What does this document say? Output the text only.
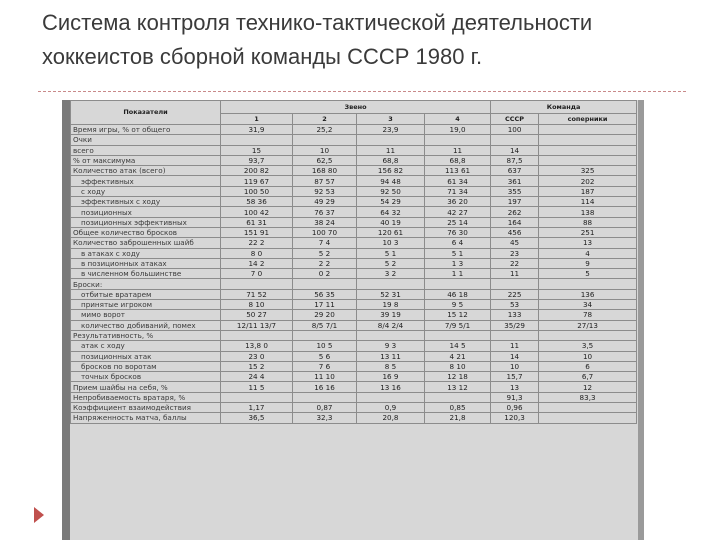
Система контроля технико-тактической деятельности хоккеистов сборной команды СССР 1980 г.
Показатели	Звено				Команда	
	1	2	3	4	СССР	соперники
Время игры, % от общего	31,9	25,2	23,9	19,0	100	
Очки						
всего	15	10	11	11	14	
% от максимума	93,7	62,5	68,8	68,8	87,5	
Количество атак (всего)	200 82	168 80	156 82	113 61	637	325
эффективных	119 67	87 57	94 48	61 34	361	202
с ходу	100 50	92 53	92 50	71 34	355	187
эффективных с ходу	58 36	49 29	54 29	36 20	197	114
позиционных	100 42	76 37	64 32	42 27	262	138
позиционных эффективных	61 31	38 24	40 19	25 14	164	88
Общее количество бросков	151 91	100 70	120 61	76 30	456	251
Количество заброшенных шайб	22 2	7 4	10 3	6 4	45	13
в атаках с ходу	8 0	5 2	5 1	5 1	23	4
в позиционных атаках	14 2	2 2	5 2	1 3	22	9
в численном большинстве	7 0	0 2	3 2	1 1	11	5
Броски:						
отбитые вратарем	71 52	56 35	52 31	46 18	225	136
принятые игроком	8 10	17 11	19 8	9 5	53	34
мимо ворот	50 27	29 20	39 19	15 12	133	78
количество добиваний, помех	12/11 13/7	8/5 7/1	8/4 2/4	7/9 5/1	35/29	27/13
Результативность, %						
атак с ходу	13,8 0	10 5	9 3	14 5	11	3,5
позиционных атак	23 0	5 6	13 11	4 21	14	10
бросков по воротам	15 2	7 6	8 5	8 10	10	6
точных бросков	24 4	11 10	16 9	12 18	15,7	6,7
Прием шайбы на себя, %	11 5	16 16	13 16	13 12	13	12
Непробиваемость вратаря, %					91,3	83,3
Коэффициент взаимодействия	1,17	0,87	0,9	0,85	0,96	
Напряженность матча, баллы	36,5	32,3	20,8	21,8	120,3	
